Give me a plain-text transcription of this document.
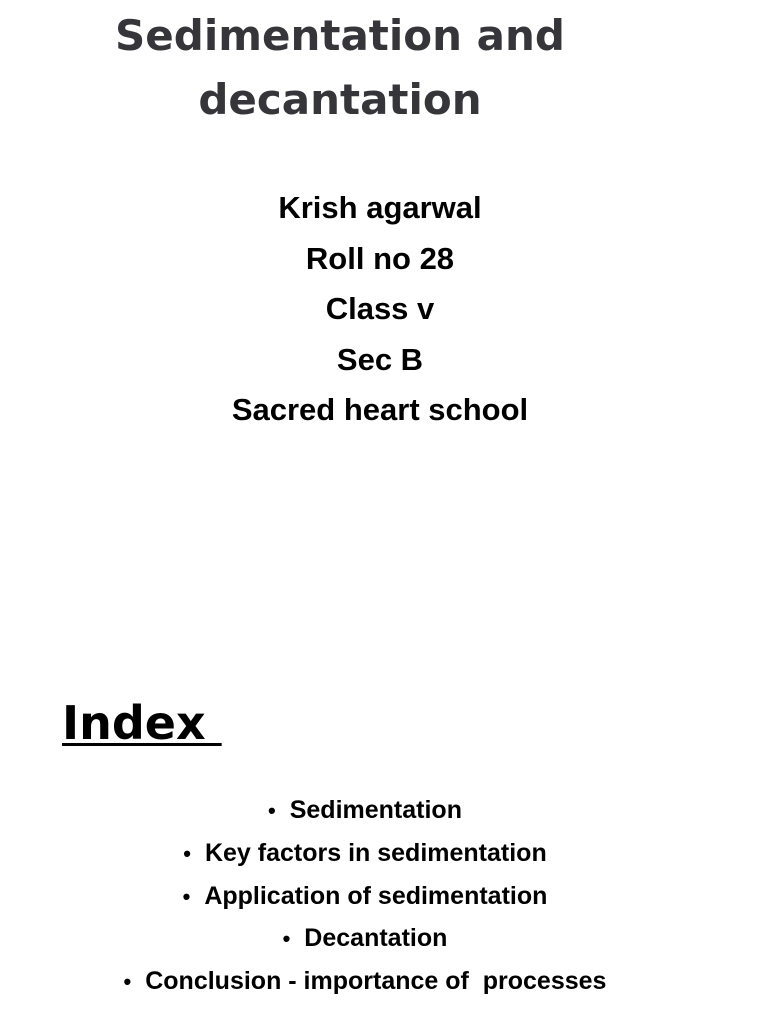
Sedimentation and
decantation
Krish agarwal
Roll no 28
Class v
Sec B
Sacred heart school
Index
• Sedimentation
• Key factors in sedimentation
• Application of sedimentation
• Decantation
• Conclusion - importance of  processes
